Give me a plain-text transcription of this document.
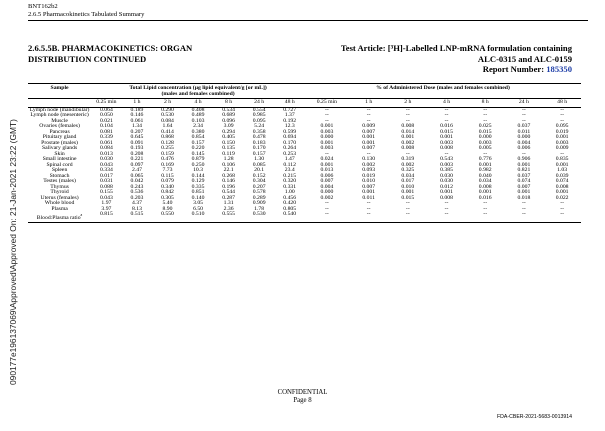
BNT162b2
2.6.5 Pharmacokinetics Tabulated Summary
090177e196137069\Approved\Approved On: 21-Jan-2021 23:22 (GMT)
2.6.5.5B. PHARMACOKINETICS: ORGAN
DISTRIBUTION CONTINUED
Test Article: [³H]-Labelled LNP-mRNA formulation containing
ALC-0315 and ALC-0159
Report Number: 185350
Sample	Total Lipid concentration (µg lipid equivalent/g [or mL])							% of Administered Dose (males and females combined)						
	(males and females combined)													
	0.25 min	1 h	2 h	4 h	8 h	24 h	48 h	0.25 min	1 h	2 h	4 h	8 h	24 h	48 h
Lymph node (mandibular)	0.064	0.189	0.290	0.408	0.534	0.554	0.727	--	--	--	--	--	--	--
Lymph node (mesenteric)	0.050	0.146	0.530	0.489	0.689	0.985	1.37	--	--	--	--	--	--	--
Muscle	0.021	0.061	0.084	0.103	0.096	0.095	0.192	--	--	--	--	--	--	--
Ovaries (females)	0.104	1.34	1.64	2.34	3.09	5.24	12.3	0.001	0.009	0.008	0.016	0.025	0.037	0.095
Pancreas	0.081	0.207	0.414	0.380	0.294	0.358	0.599	0.003	0.007	0.014	0.015	0.015	0.011	0.019
Pituitary gland	0.339	0.645	0.868	0.854	0.405	0.478	0.694	0.000	0.001	0.001	0.001	0.000	0.000	0.001
Prostate (males)	0.061	0.091	0.128	0.157	0.150	0.183	0.170	0.001	0.001	0.002	0.003	0.003	0.004	0.003
Salivary glands	0.084	0.193	0.255	0.220	0.135	0.170	0.264	0.003	0.007	0.008	0.008	0.005	0.006	0.009
Skin	0.013	0.208	0.159	0.145	0.119	0.157	0.253	--	--	--	--	--	--	--
Small intestine	0.030	0.221	0.476	0.879	1.28	1.30	1.47	0.024	0.130	0.319	0.543	0.776	0.906	0.835
Spinal cord	0.043	0.097	0.169	0.250	0.106	0.085	0.112	0.001	0.002	0.002	0.003	0.001	0.001	0.001
Spleen	0.334	2.47	7.73	10.3	22.1	20.1	23.4	0.013	0.093	0.325	0.385	0.982	0.821	1.03
Stomach	0.017	0.065	0.115	0.144	0.268	0.152	0.215	0.006	0.019	0.034	0.030	0.040	0.037	0.039
Testes (males)	0.031	0.042	0.079	0.129	0.146	0.304	0.320	0.007	0.010	0.017	0.030	0.034	0.074	0.074
Thymus	0.088	0.243	0.340	0.335	0.196	0.207	0.331	0.004	0.007	0.010	0.012	0.008	0.007	0.008
Thyroid	0.155	0.536	0.842	0.851	0.544	0.578	1.00	0.000	0.001	0.001	0.001	0.001	0.001	0.001
Uterus (females)	0.043	0.203	0.305	0.140	0.287	0.289	0.456	0.002	0.011	0.015	0.008	0.016	0.018	0.022
Whole blood	1.97	4.37	5.40	3.05	1.31	0.909	0.420	--	--	--	--	--	--	--
Plasma	3.97	8.13	8.90	6.50	2.36	1.78	0.805	--	--	--	--	--	--	--
Blood:Plasma ratio$^a$	0.815	0.515	0.550	0.510	0.555	0.530	0.540	--	--	--	--	--	--	--
CONFIDENTIAL
Page 8
FDA-CBER-2021-5683-0013914
